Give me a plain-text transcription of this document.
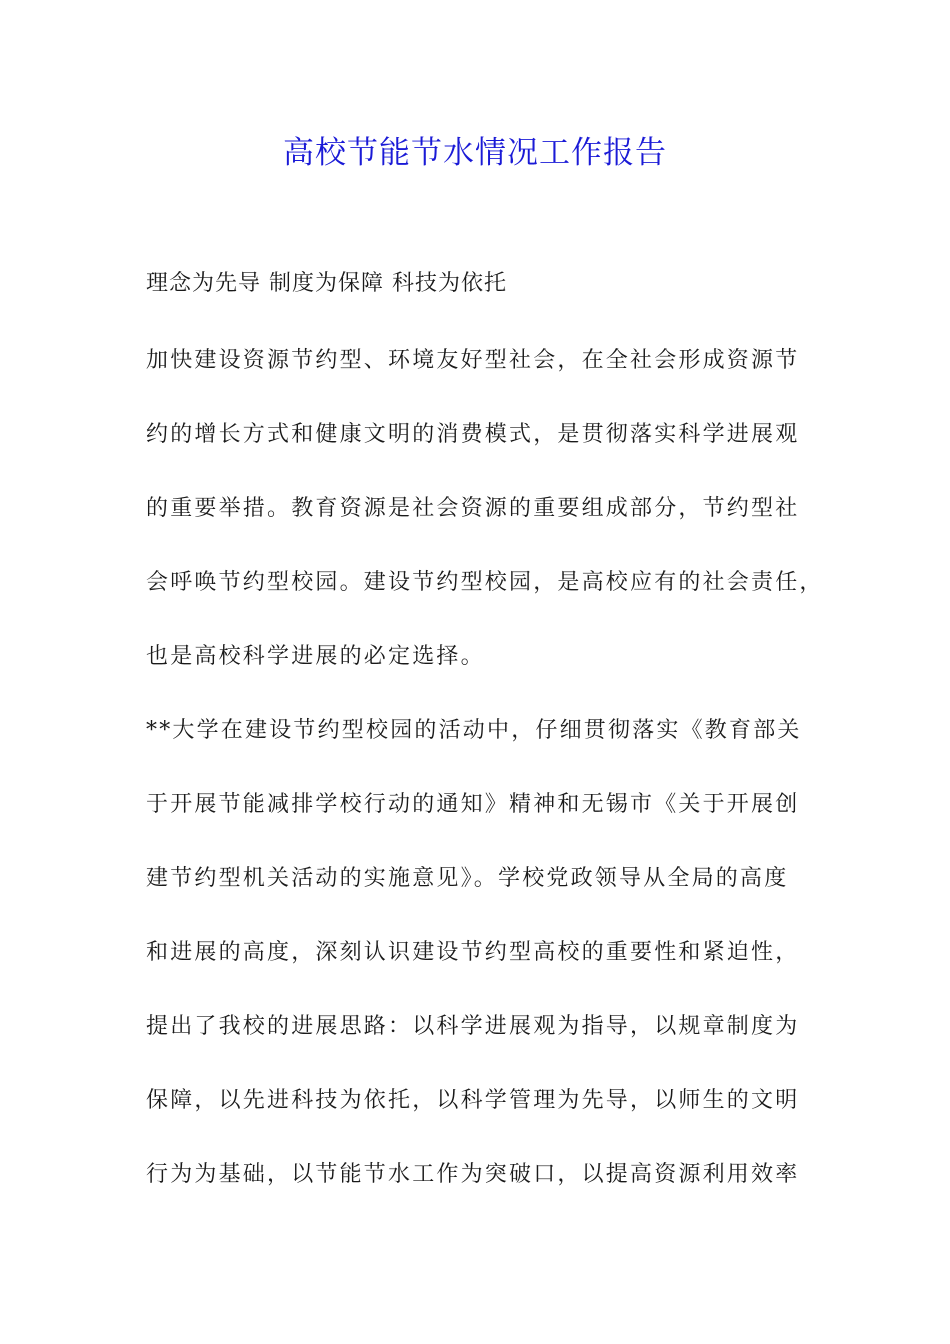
高校节能节水情况工作报告

理念为先导 制度为保障 科技为依托

加快建设资源节约型、环境友好型社会，在全社会形成资源节

约的增长方式和健康文明的消费模式，是贯彻落实科学进展观

的重要举措。教育资源是社会资源的重要组成部分，节约型社

会呼唤节约型校园。建设节约型校园，是高校应有的社会责任，

也是高校科学进展的必定选择。

**大学在建设节约型校园的活动中，仔细贯彻落实《教育部关

于开展节能减排学校行动的通知》精神和无锡市《关于开展创

建节约型机关活动的实施意见》。学校党政领导从全局的高度

和进展的高度，深刻认识建设节约型高校的重要性和紧迫性，

提出了我校的进展思路：以科学进展观为指导，以规章制度为

保障，以先进科技为依托，以科学管理为先导，以师生的文明

行为为基础，以节能节水工作为突破口，以提高资源利用效率
